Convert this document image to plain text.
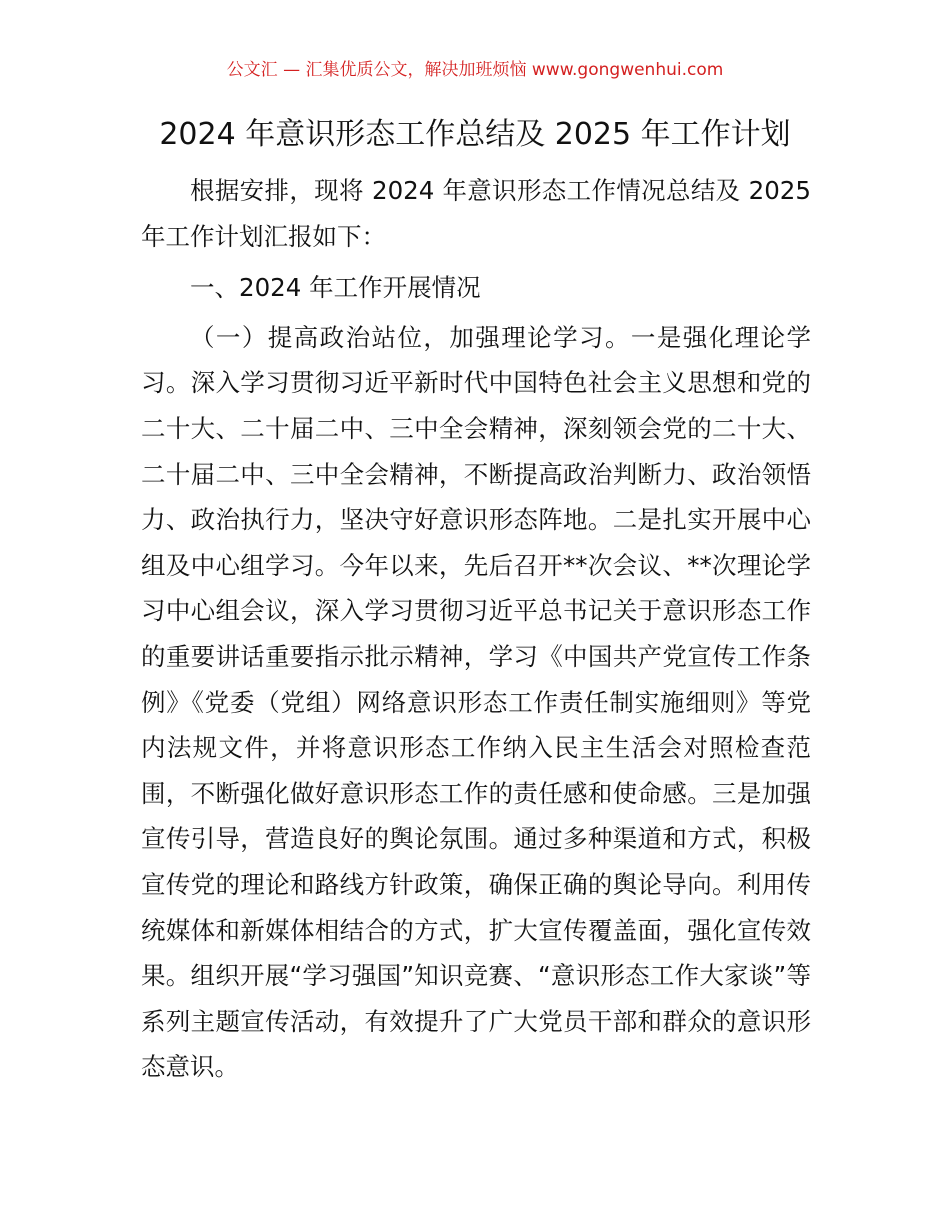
公文汇 — 汇集优质公文，解决加班烦恼 www.gongwenhui.com
2024 年意识形态工作总结及 2025 年工作计划

根据安排，现将 2024 年意识形态工作情况总结及 2025 年工作计划汇报如下：

一、2024 年工作开展情况

（一）提高政治站位，加强理论学习。一是强化理论学习。深入学习贯彻习近平新时代中国特色社会主义思想和党的二十大、二十届二中、三中全会精神，深刻领会党的二十大、二十届二中、三中全会精神，不断提高政治判断力、政治领悟力、政治执行力，坚决守好意识形态阵地。二是扎实开展中心组及中心组学习。今年以来，先后召开**次会议、**次理论学习中心组会议，深入学习贯彻习近平总书记关于意识形态工作的重要讲话重要指示批示精神，学习《中国共产党宣传工作条例》《党委（党组）网络意识形态工作责任制实施细则》等党内法规文件，并将意识形态工作纳入民主生活会对照检查范围，不断强化做好意识形态工作的责任感和使命感。三是加强宣传引导，营造良好的舆论氛围。通过多种渠道和方式，积极宣传党的理论和路线方针政策，确保正确的舆论导向。利用传统媒体和新媒体相结合的方式，扩大宣传覆盖面，强化宣传效果。组织开展“学习强国”知识竞赛、“意识形态工作大家谈”等系列主题宣传活动，有效提升了广大党员干部和群众的意识形态意识。
